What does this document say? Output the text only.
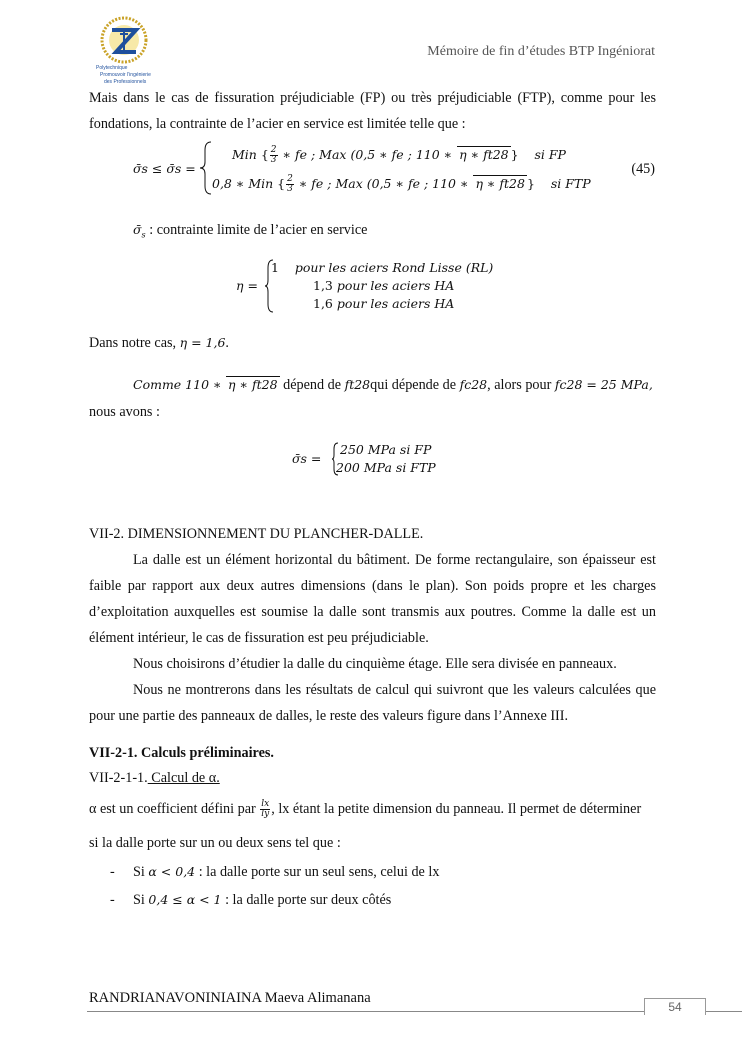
Polytechnique
Promouvoir l’ingénierie
des Professionnels
Mémoire de fin d’études BTP Ingéniorat
Mais dans le cas de fissuration préjudiciable (FP) ou très préjudiciable (FTP), comme pour les fondations, la contrainte de l’acier en service est limitée telle que :
σ̄s ≤ σ̄s =
Min { $\frac{2}{3}$ ∗ fe ; Max (0,5 ∗ fe ; 110 ∗ η ∗ ft28 } si FP
0,8 ∗ Min { $\frac{2}{3}$ ∗ fe ; Max (0,5 ∗ fe ; 110 ∗ η ∗ ft28 } si FTP
(45)
$\sigmā_s$ : contrainte limite de l’acier en service
η =
1 pour les aciers Rond Lisse (RL)
1,3 pour les aciers HA
1,6 pour les aciers HA
Dans notre cas, η = 1,6.
Comme 110 ∗ η ∗ ft28 dépend de ft28qui dépende de fc28, alors pour fc28 = 25 MPa,
nous avons :
σ̄s =
250 MPa si FP
200 MPa si FTP
VII-2. DIMENSIONNEMENT DU PLANCHER-DALLE.
La dalle est un élément horizontal du bâtiment. De forme rectangulaire, son épaisseur est faible par rapport aux deux autres dimensions (dans le plan). Son poids propre et les charges d’exploitation auxquelles est soumise la dalle sont transmis aux poutres. Comme la dalle est un élément intérieur, le cas de fissuration est peu préjudiciable.
Nous choisirons d’étudier la dalle du cinquième étage. Elle sera divisée en panneaux.
Nous ne montrerons dans les résultats de calcul qui suivront que les valeurs calculées que pour une partie des panneaux de dalles, le reste des valeurs figure dans l’Annexe III.
VII-2-1. Calculs préliminaires.
VII-2-1-1. Calcul de α.
α est un coefficient défini par $\frac{lx}{ly}$ , lx étant la petite dimension du panneau. Il permet de déterminer
si la dalle porte sur un ou deux sens tel que :
- Si α < 0,4 : la dalle porte sur un seul sens, celui de lx
- Si 0,4 ≤ α < 1 : la dalle porte sur deux côtés
RANDRIANAVONINIAINA Maeva Alimanana
54
